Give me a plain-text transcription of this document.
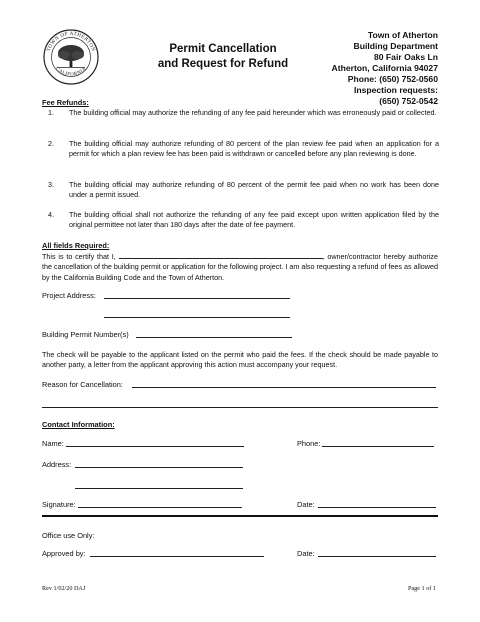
TOWN OF ATHERTON
CALIFORNIA
Permit Cancellation
and Request for Refund
Town of Atherton
Building Department
80 Fair Oaks Ln
Atherton, California 94027
Phone: (650) 752-0560
Inspection requests:
(650) 752-0542
Fee Refunds:
1. The building official may authorize the refunding of any fee paid hereunder which was erroneously paid or collected.
2. The building official may authorize refunding of 80 percent of the plan review fee paid when an application for a permit for which a plan review fee has been paid is withdrawn or cancelled before any plan reviewing is done.
3. The building official may authorize refunding of 80 percent of the permit fee paid when no work has been done under a permit issued.
4. The building official shall not authorize the refunding of any fee paid except upon written application filed by the original permittee not later than 180 days after the date of fee payment.
All fields Required:
This is to certify that I,	, owner/contractor hereby authorize the cancellation of the building permit or application for the following project. I am also requesting a refund of fees as allowed by the California Building Code and the Town of Atherton.
Project Address:
Building Permit Number(s)
The check will be payable to the applicant listed on the permit who paid the fees. If the check should be made payable to another party, a letter from the applicant approving this action must accompany your request.
Reason for Cancellation:
Contact Information:
Name:	Phone:
Address:
Signature:	Date:
Office use Only:
Approved by:	Date:
Rev 1/02/20 DAJ	Page 1 of 1
